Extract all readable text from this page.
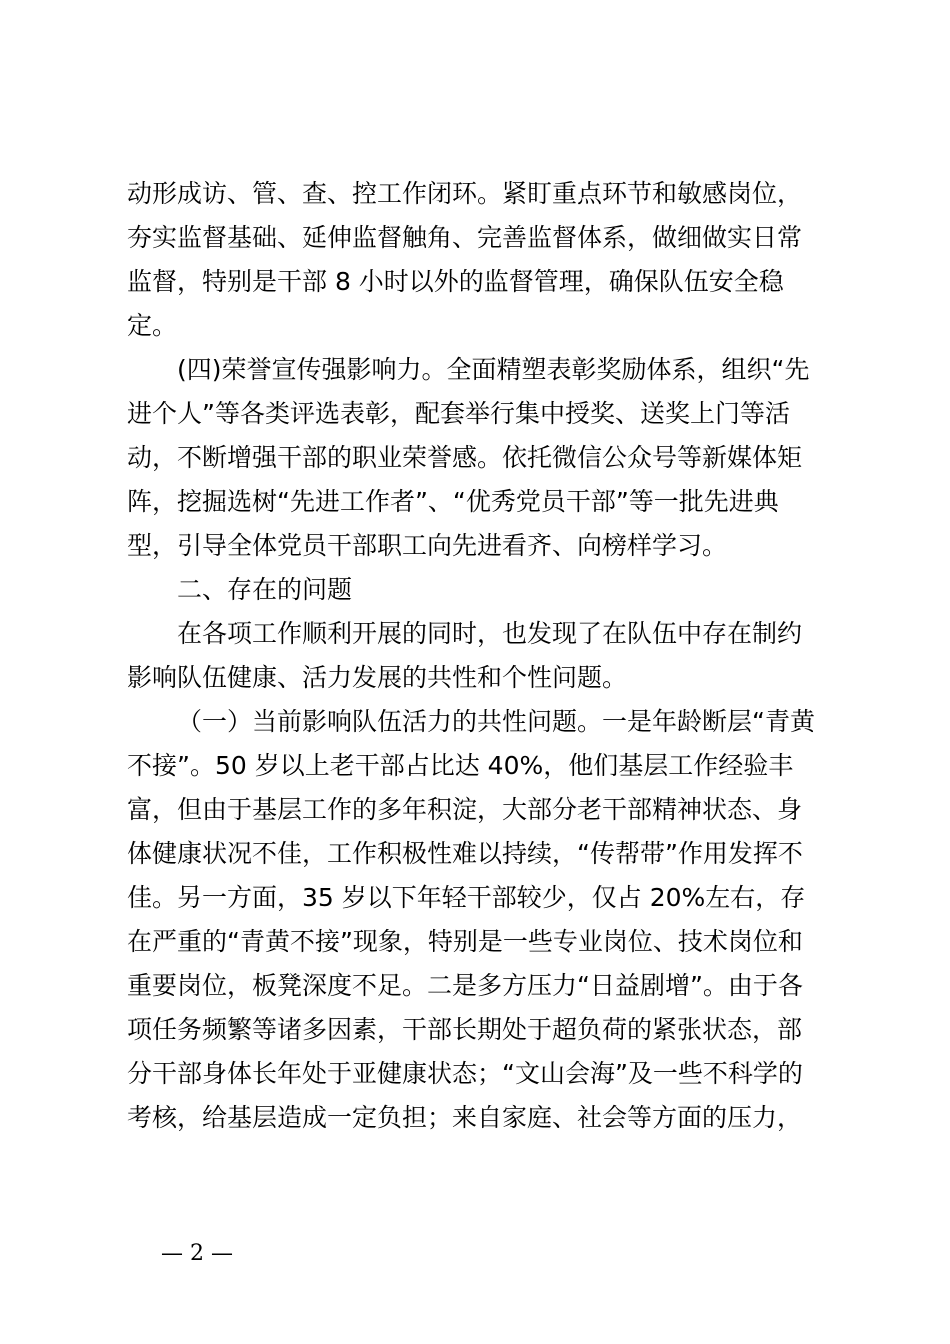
动形成访、管、查、控工作闭环。紧盯重点环节和敏感岗位，
夯实监督基础、延伸监督触角、完善监督体系，做细做实日常
监督，特别是干部 8 小时以外的监督管理，确保队伍安全稳
定。
(四)荣誉宣传强影响力。全面精塑表彰奖励体系，组织“先
进个人”等各类评选表彰，配套举行集中授奖、送奖上门等活
动，不断增强干部的职业荣誉感。依托微信公众号等新媒体矩
阵，挖掘选树“先进工作者”、“优秀党员干部”等一批先进典
型，引导全体党员干部职工向先进看齐、向榜样学习。
二、存在的问题
在各项工作顺利开展的同时，也发现了在队伍中存在制约
影响队伍健康、活力发展的共性和个性问题。
（一）当前影响队伍活力的共性问题。一是年龄断层“青黄
不接”。50 岁以上老干部占比达 40%，他们基层工作经验丰
富，但由于基层工作的多年积淀，大部分老干部精神状态、身
体健康状况不佳，工作积极性难以持续，“传帮带”作用发挥不
佳。另一方面，35 岁以下年轻干部较少，仅占 20%左右，存
在严重的“青黄不接”现象，特别是一些专业岗位、技术岗位和
重要岗位，板凳深度不足。二是多方压力“日益剧增”。由于各
项任务频繁等诸多因素，干部长期处于超负荷的紧张状态，部
分干部身体长年处于亚健康状态；“文山会海”及一些不科学的
考核，给基层造成一定负担；来自家庭、社会等方面的压力，
— 2 —
